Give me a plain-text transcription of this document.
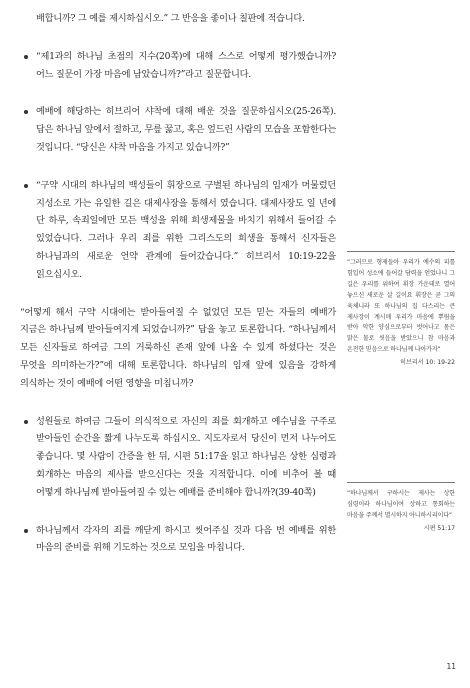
배합니까? 그 예를 제시하십시오.” 그 반응을 좋이나 칠판에 적습니다.

“제1과의 하나님 초점의 지수(20쪽)에 대해 스스로 어떻게 평가했습니까? 어느 질문이 가장 마음에 남았습니까?”라고 질문합니다.
예배에 해당하는 히브리어 샤착에 대해 배운 것을 질문하십시오(25-26쪽). 답은 하나님 앞에서 절하고, 무릎 꿇고, 혹은 엎드린 사람의 모습을 포함한다는 것입니다. “당신은 샤착 마음을 가지고 있습니까?”
“구약 시대의 하나님의 백성들이 휘장으로 구별된 하나님의 임재가 머물렀던 지성소로 가는 유일한 길은 대제사장을 통해서 였습니다. 대제사장도 일 년에 단 하루, 속죄일에만 모든 백성을 위해 희생제물을 바치기 위해서 들어갈 수 있었습니다. 그러나 우리 죄를 위한 그리스도의 희생을 통해서 신자들은 하나님과의 새로운 언약 관계에 들어갔습니다.” 히브리서 10:19-22을 읽으십시오.

“어떻게 해서 구약 시대에는 받아들여질 수 없었던 모든 믿는 자들의 예배가 지금은 하나님께 받아들여지게 되었습니까?” 답을 놓고 토론합니다. “하나님께서 모든 신자들로 하여금 그의 거룩하신 존재 앞에 나올 수 있게 하셨다는 것은 무엇을 의미하는가?”에 대해 토론합니다. 하나님의 임재 앞에 있음을 강하게 의식하는 것이 예배에 어떤 영향을 미칩니까?

성원들로 하여금 그들이 의식적으로 자신의 죄를 회개하고 예수님을 구주로 받아들인 순간을 짧게 나누도록 하십시오. 지도자로서 당신이 먼저 나누어도 좋습니다. 몇 사람이 간증을 한 뒤, 시편 51:17을 읽고 하나님은 상한 심령과 회개하는 마음의 제사를 받으신다는 것을 지적합니다. 이에 비추어 볼 때 어떻게 하나님께 받아들여질 수 있는 예배를 준비해야 합니까?(39-40쪽)
하나님께서 각자의 죄를 깨닫게 하시고 씻어주실 것과 다음 번 예배를 위한 마음의 준비를 위해 기도하는 것으로 모임을 마칩니다.

“그러므로 형제들아 우리가 예수의 피를 힘입어 성소에 들어갈 담력을 얻었나니 그 길은 우리를 위하여 휘장 가운데로 열어 놓으신 새로운 살 길이요 휘장은 곧 그의 육체니라 또 하나님의 집 다스리는 큰 제사장이 계시매 우리가 마음에 뿌림을 받아 악한 양심으로부터 벗어나고 몸은 맑은 물로 씻음을 받았으니 참 마음과 온전한 믿음으로 하나님께 나아가자”

히브리서 10: 19-22

“하나님께서 구하시는 제사는 상한 심령이라 하나님이여 상하고 통회하는 마음을 주께서 멸시하지 아니하시리이다”

시편 51:17

11
